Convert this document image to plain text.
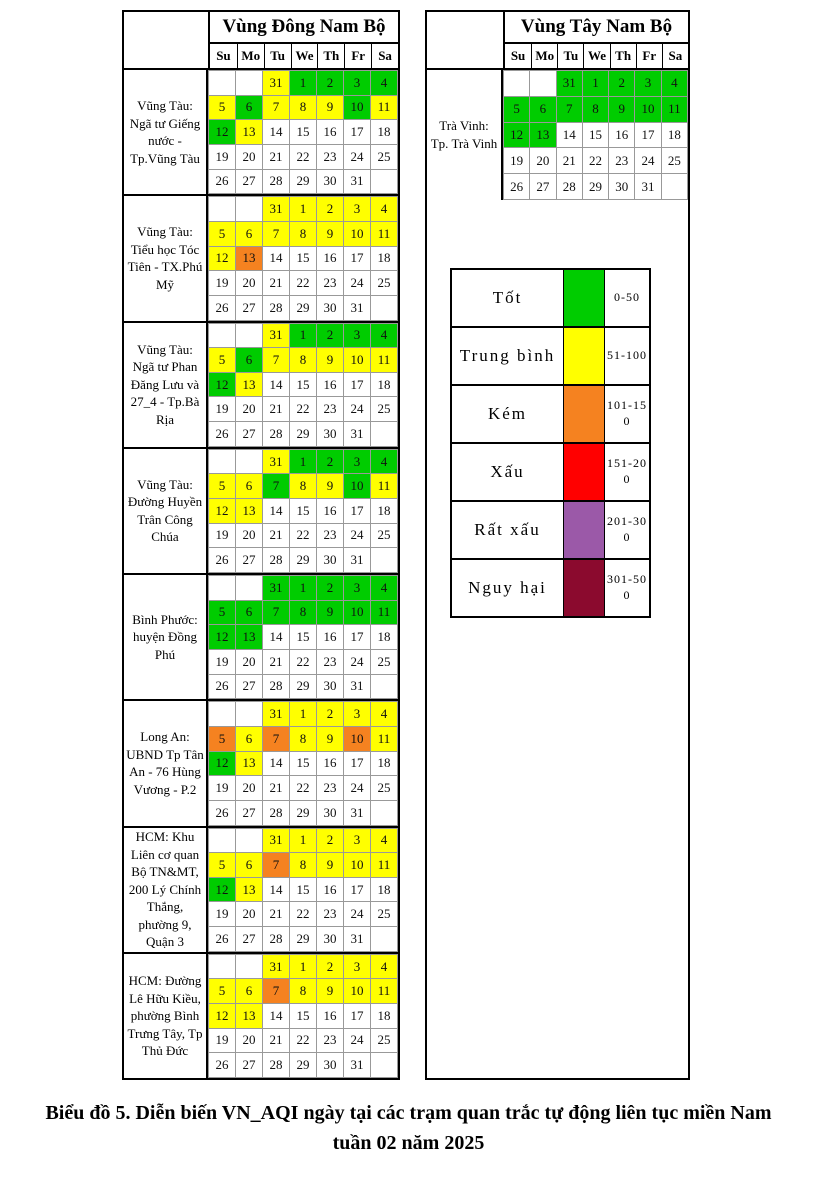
Vùng Đông Nam Bộ
Su Mo Tu We Th Fr	Sa
Vũng Tàu: Ngã tư Giếng nước - Tp.Vũng Tàu
		31	1	2	3	4
5	6	7	8	9	10	11
12	13	14	15	16	17	18
19	20	21	22	23	24	25
26	27	28	29	30	31	
Vũng Tàu: Tiểu học Tóc Tiên - TX.Phú Mỹ
		31	1	2	3	4
5	6	7	8	9	10	11
12	13	14	15	16	17	18
19	20	21	22	23	24	25
26	27	28	29	30	31	
Vũng Tàu: Ngã tư Phan Đăng Lưu và 27_4 - Tp.Bà Rịa
		31	1	2	3	4
5	6	7	8	9	10	11
12	13	14	15	16	17	18
19	20	21	22	23	24	25
26	27	28	29	30	31	
Vũng Tàu: Đường Huyền Trân Công Chúa
		31	1	2	3	4
5	6	7	8	9	10	11
12	13	14	15	16	17	18
19	20	21	22	23	24	25
26	27	28	29	30	31	
Bình Phước: huyện Đồng Phú
		31	1	2	3	4
5	6	7	8	9	10	11
12	13	14	15	16	17	18
19	20	21	22	23	24	25
26	27	28	29	30	31	
Long An: UBND Tp Tân An - 76 Hùng Vương - P.2
		31	1	2	3	4
5	6	7	8	9	10	11
12	13	14	15	16	17	18
19	20	21	22	23	24	25
26	27	28	29	30	31	
HCM: Khu Liên cơ quan Bộ TN&MT, 200 Lý Chính Thắng, phường 9, Quận 3
		31	1	2	3	4
5	6	7	8	9	10	11
12	13	14	15	16	17	18
19	20	21	22	23	24	25
26	27	28	29	30	31	
HCM: Đường Lê Hữu Kiều, phường Bình Trưng Tây, Tp Thủ Đức
		31	1	2	3	4
5	6	7	8	9	10	11
12	13	14	15	16	17	18
19	20	21	22	23	24	25
26	27	28	29	30	31	
Vùng Tây Nam Bộ
Su Mo Tu We Th Fr Sa
Trà Vinh: Tp. Trà Vinh
		31	1	2	3	4
5	6	7	8	9	10	11
12	13	14	15	16	17	18
19	20	21	22	23	24	25
26	27	28	29	30	31	
Tốt	0-50
Trung bình	51-100
Kém	101-150
Xấu	151-200
Rất xấu	201-300
Nguy hại	301-500
Biểu đồ 5. Diễn biến VN_AQI ngày tại các trạm quan trắc tự động liên tục miền Nam
tuần 02 năm 2025
